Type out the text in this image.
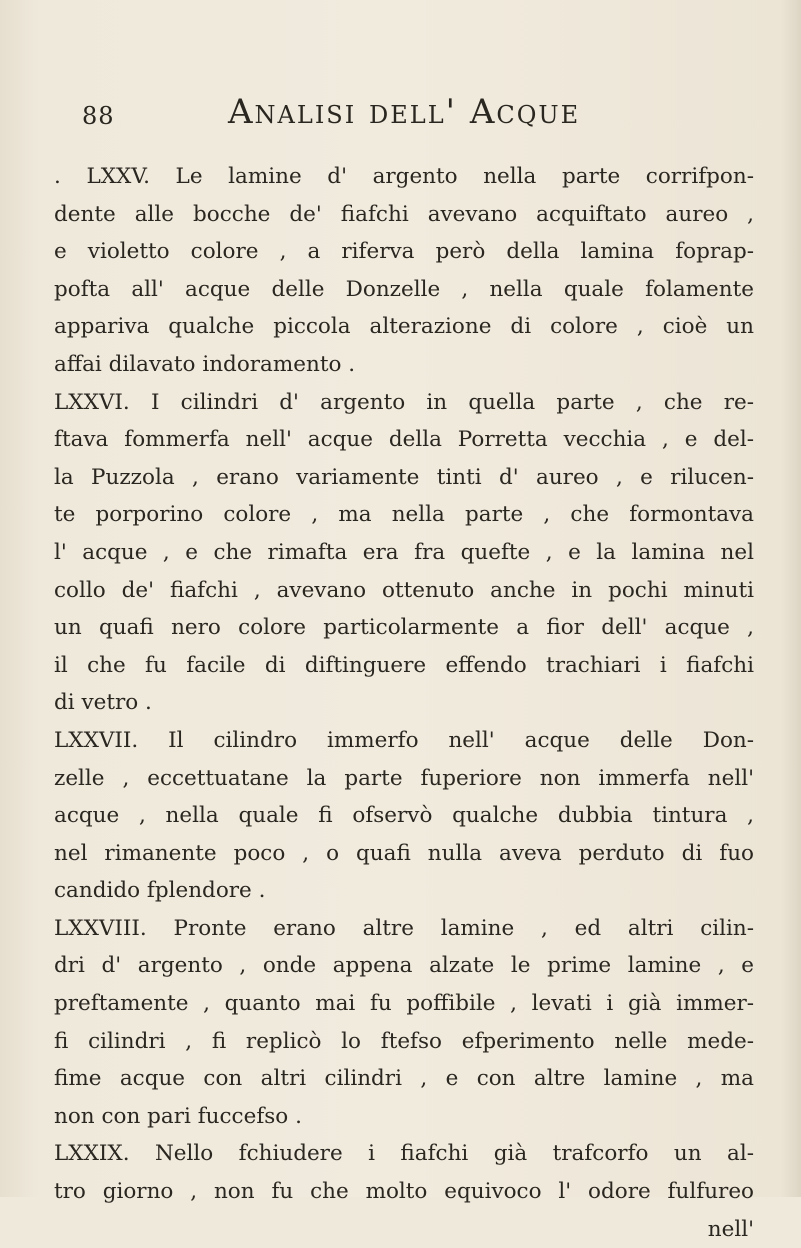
88	Analisi dell' Acque
. LXXV. Le lamine d' argento nella parte corrifpon-
dente alle bocche de' fiafchi avevano acquiftato aureo ,
e violetto colore , a riferva però della lamina foprap-
pofta all' acque delle Donzelle , nella quale folamente
appariva qualche piccola alterazione di colore , cioè un
affai dilavato indoramento .
LXXVI. I cilindri d' argento in quella parte , che re-
ftava fommerfa nell' acque della Porretta vecchia , e del-
la Puzzola , erano variamente tinti d' aureo , e rilucen-
te porporino colore , ma nella parte , che formontava
l' acque , e che rimafta era fra quefte , e la lamina nel
collo de' fiafchi , avevano ottenuto anche in pochi minuti
un quafi nero colore particolarmente a fior dell' acque ,
il che fu facile di diftinguere effendo trachiari i fiafchi
di vetro .
LXXVII. Il cilindro immerfo nell' acque delle Don-
zelle , eccettuatane la parte fuperiore non immerfa nell'
acque , nella quale fi ofservò qualche dubbia tintura ,
nel rimanente poco , o quafi nulla aveva perduto di fuo
candido fplendore .
LXXVIII. Pronte erano altre lamine , ed altri cilin-
dri d' argento , onde appena alzate le prime lamine , e
preftamente , quanto mai fu poffibile , levati i già immer-
fi cilindri , fi replicò lo ftefso efperimento nelle mede-
fime acque con altri cilindri , e con altre lamine , ma
non con pari fuccefso .
LXXIX. Nello fchiudere i fiafchi già trafcorfo un al-
tro giorno , non fu che molto equivoco l' odore fulfureo
nell'
